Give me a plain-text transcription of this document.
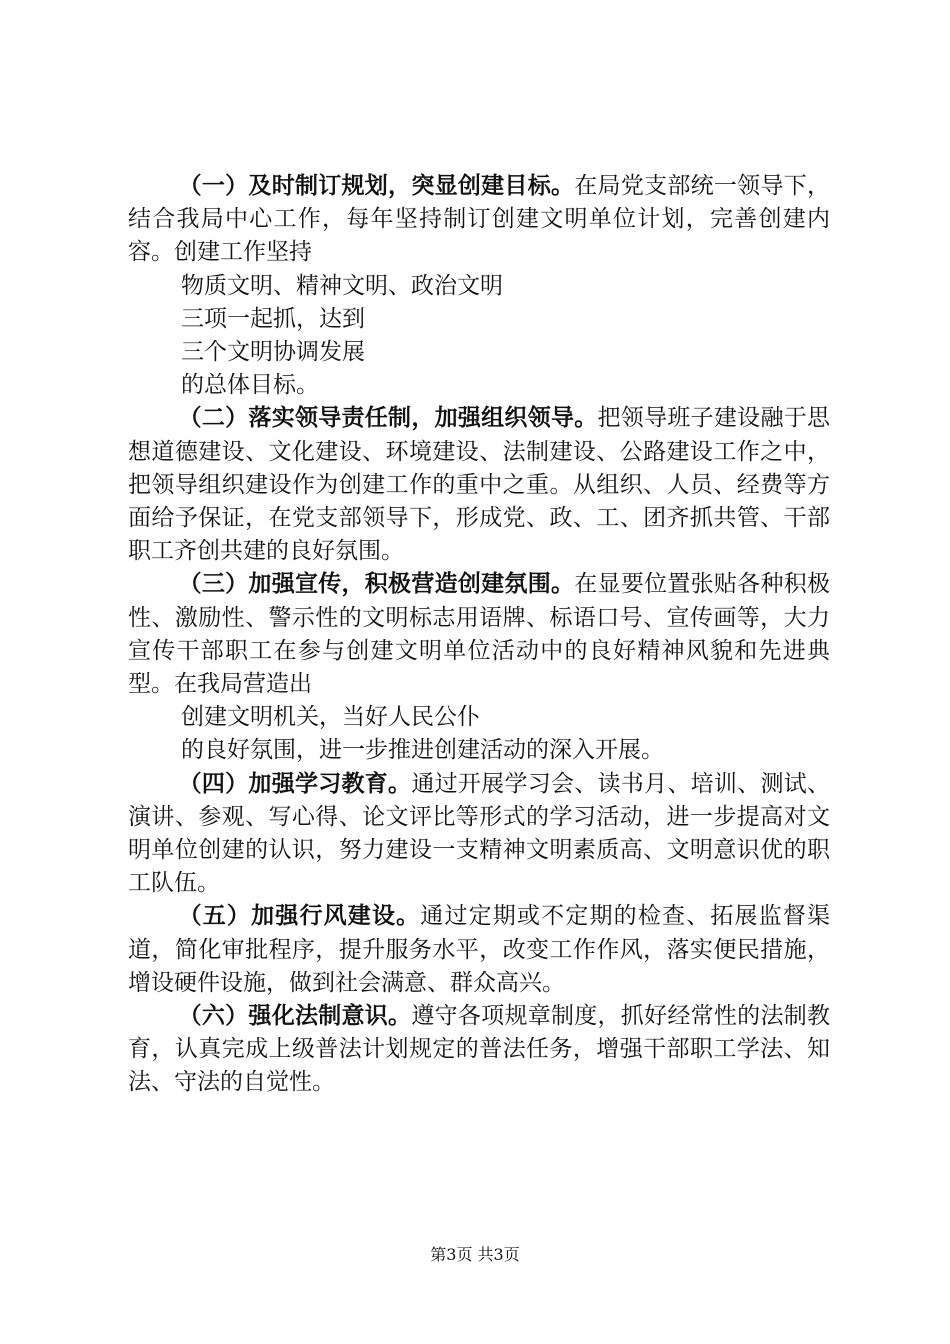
（一）及时制订规划，突显创建目标。在局党支部统一领导下，结合我局中心工作，每年坚持制订创建文明单位计划，完善创建内容。创建工作坚持

物质文明、精神文明、政治文明

三项一起抓，达到

三个文明协调发展

的总体目标。

（二）落实领导责任制，加强组织领导。把领导班子建设融于思想道德建设、文化建设、环境建设、法制建设、公路建设工作之中，把领导组织建设作为创建工作的重中之重。从组织、人员、经费等方面给予保证，在党支部领导下，形成党、政、工、团齐抓共管、干部职工齐创共建的良好氛围。

（三）加强宣传，积极营造创建氛围。在显要位置张贴各种积极性、激励性、警示性的文明标志用语牌、标语口号、宣传画等，大力宣传干部职工在参与创建文明单位活动中的良好精神风貌和先进典型。在我局营造出

创建文明机关，当好人民公仆

的良好氛围，进一步推进创建活动的深入开展。

（四）加强学习教育。通过开展学习会、读书月、培训、测试、演讲、参观、写心得、论文评比等形式的学习活动，进一步提高对文明单位创建的认识，努力建设一支精神文明素质高、文明意识优的职工队伍。

（五）加强行风建设。通过定期或不定期的检查、拓展监督渠道，简化审批程序，提升服务水平，改变工作作风，落实便民措施，增设硬件设施，做到社会满意、群众高兴。

（六）强化法制意识。遵守各项规章制度，抓好经常性的法制教育，认真完成上级普法计划规定的普法任务，增强干部职工学法、知法、守法的自觉性。

第3页 共3页
